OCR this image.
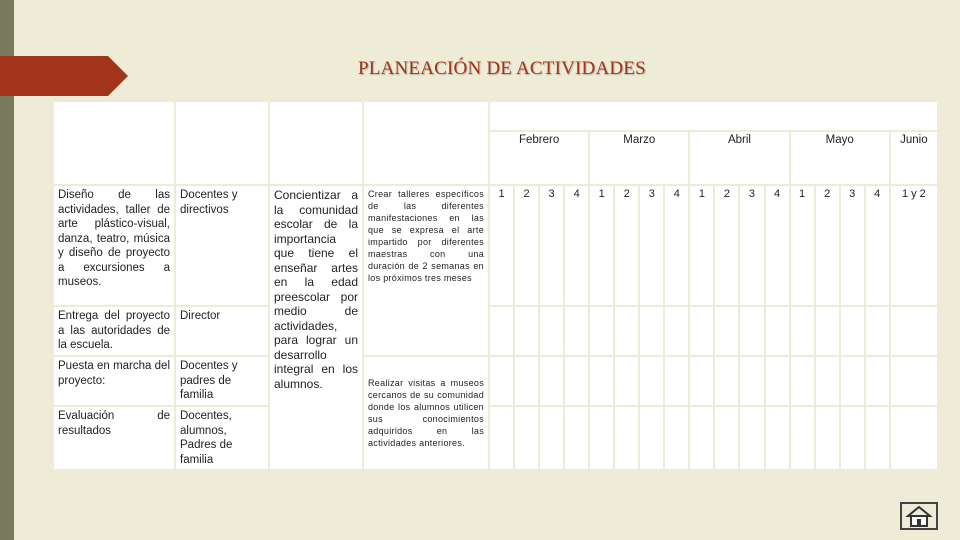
PLANEACIÓN DE ACTIVIDADES
Actividad	Responsable	Objetivo general	Objetivos específicos	Tiempo (meses)																
				Febrero				Marzo				Abril				Mayo				Junio
Diseño de las actividades, taller de arte plástico-visual, danza, teatro, música y diseño de proyecto a excursiones a museos.	Docentes y directivos	Concientizar a la comunidad escolar de la importancia que tiene el enseñar artes en la edad preescolar por medio de actividades, para lograr un desarrollo integral en los alumnos.	Crear talleres específicos de las diferentes manifestaciones en las que se expresa el arte impartido por diferentes maestras con una duración de 2 semanas en los próximos tres meses	1	2	3	4	1	2	3	4	1	2	3	4	1	2	3	4	1 y 2
Entrega del proyecto a las autoridades de la escuela.	Director																			
Puesta en marcha del proyecto:	Docentes y padres de familia		Realizar visitas a museos cercanos de su comunidad donde los alumnos utilicen sus conocimientos adquiridos en las actividades anteriores.																	
Evaluación de resultados	Docentes, alumnos, Padres de familia																			
